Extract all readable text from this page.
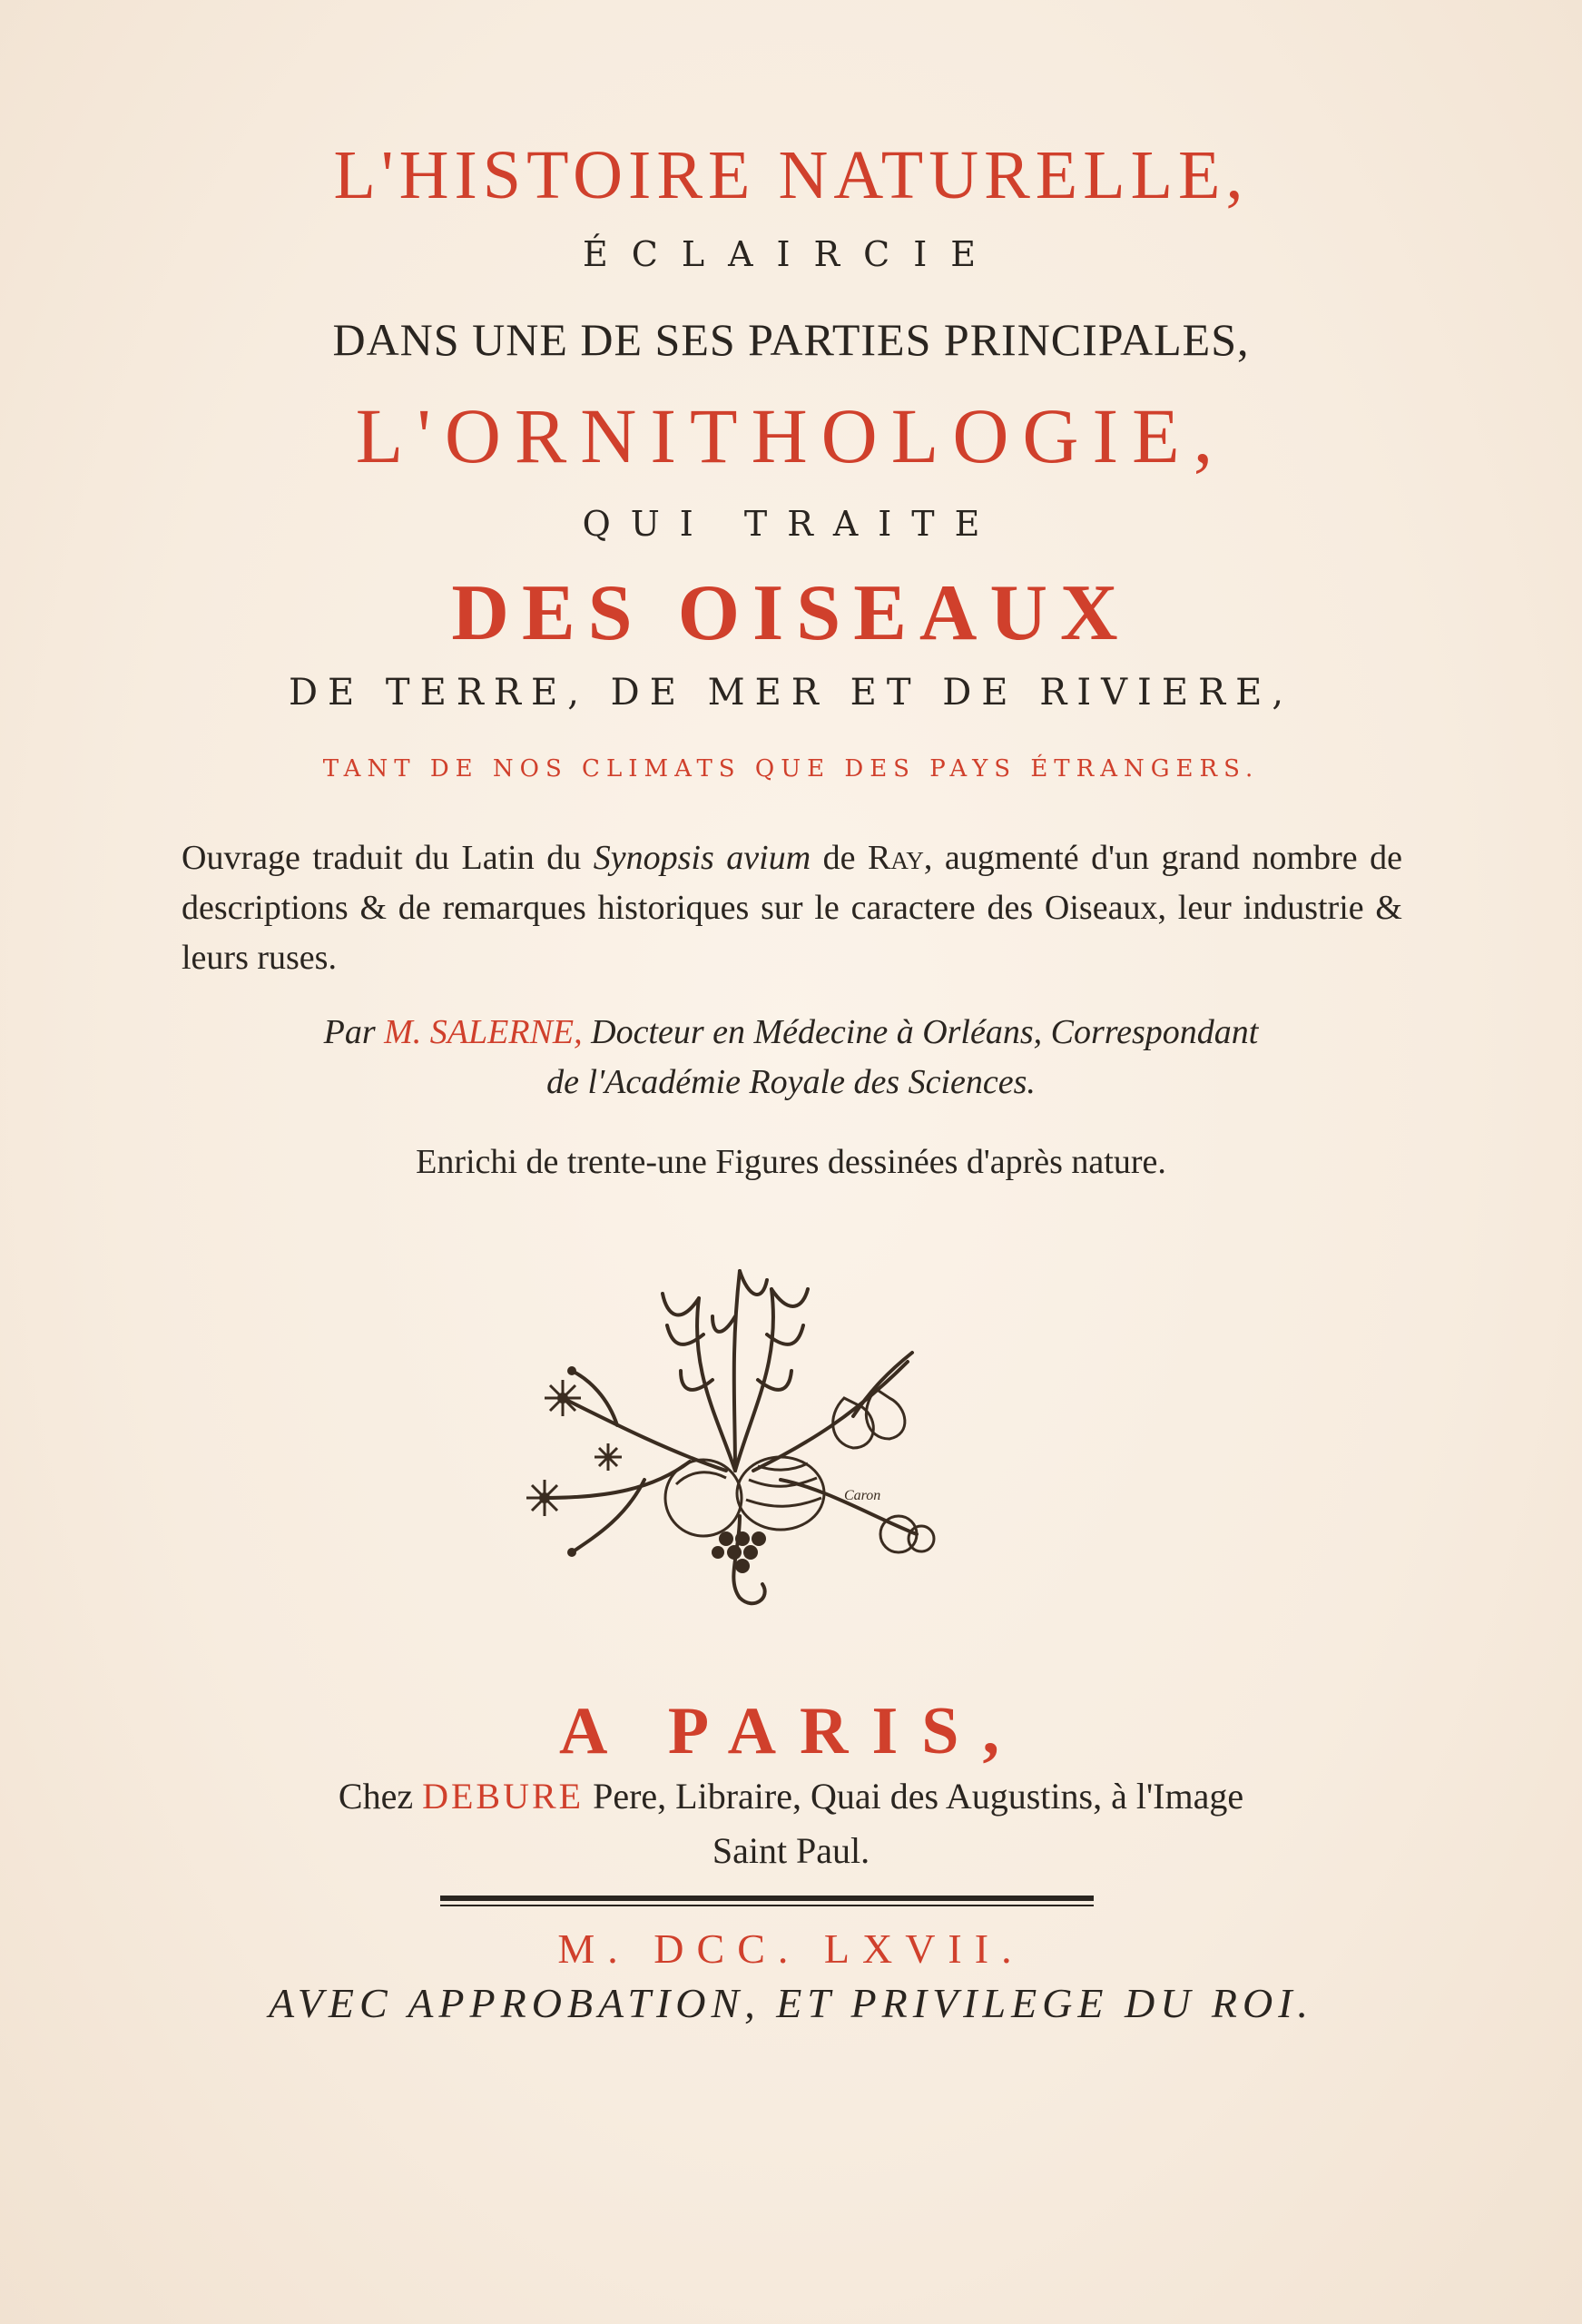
L'HISTOIRE NATURELLE,
ÉCLAIRCIE
DANS UNE DE SES PARTIES PRINCIPALES,
L'ORNITHOLOGIE,
QUI TRAITE
DES OISEAUX
DE TERRE, DE MER ET DE RIVIERE,
TANT DE NOS CLIMATS QUE DES PAYS ÉTRANGERS.
Ouvrage traduit du Latin du Synopsis avium de Ray, augmenté d'un grand nombre de descriptions & de remarques historiques sur le caractere des Oiseaux, leur industrie & leurs ruses.
Par M. SALERNE, Docteur en Médecine à Orléans, Correspondant
de l'Académie Royale des Sciences.
Enrichi de trente-une Figures dessinées d'après nature.
Caron
A PARIS,
Chez DEBURE Pere, Libraire, Quai des Augustins, à l'Image
Saint Paul.
M. DCC. LXVII.
AVEC APPROBATION, ET PRIVILEGE DU ROI.
